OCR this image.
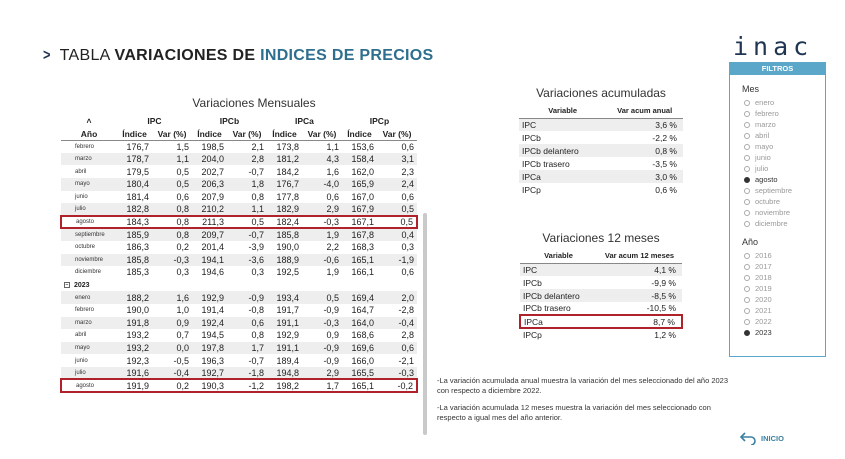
> TABLA VARIACIONES DE INDICES DE PRECIOS
Variaciones Mensuales
˄	IPC		IPCb		IPCa		IPCp	
Año	Índice	Var (%)	Índice	Var (%)	Índice	Var (%)	Índice	Var (%)
febrero	176,7	1,5	198,5	2,1	173,8	1,1	153,6	0,6
marzo	178,7	1,1	204,0	2,8	181,2	4,3	158,4	3,1
abril	179,5	0,5	202,7	-0,7	184,2	1,6	162,0	2,3
mayo	180,4	0,5	206,3	1,8	176,7	-4,0	165,9	2,4
junio	181,4	0,6	207,9	0,8	177,8	0,6	167,0	0,6
julio	182,8	0,8	210,2	1,1	182,9	2,9	167,9	0,5
agosto	184,3	0,8	211,3	0,5	182,4	-0,3	167,1	0,5
septiembre	185,9	0,8	209,7	-0,7	185,8	1,9	167,8	0,4
octubre	186,3	0,2	201,4	-3,9	190,0	2,2	168,3	0,3
noviembre	185,8	-0,3	194,1	-3,6	188,9	-0,6	165,1	-1,9
diciembre	185,3	0,3	194,6	0,3	192,5	1,9	166,1	0,6
− 2023								
enero	188,2	1,6	192,9	-0,9	193,4	0,5	169,4	2,0
febrero	190,0	1,0	191,4	-0,8	191,7	-0,9	164,7	-2,8
marzo	191,8	0,9	192,4	0,6	191,1	-0,3	164,0	-0,4
abril	193,2	0,7	194,5	0,8	192,9	0,9	168,6	2,8
mayo	193,2	0,0	197,8	1,7	191,1	-0,9	169,6	0,6
junio	192,3	-0,5	196,3	-0,7	189,4	-0,9	166,0	-2,1
julio	191,6	-0,4	192,7	-1,8	194,8	2,9	165,5	-0,3
agosto	191,9	0,2	190,3	-1,2	198,2	1,7	165,1	-0,2
Variaciones acumuladas
Variable	Var acum anual
IPC	3,6 %
IPCb	-2,2 %
IPCb delantero	0,8 %
IPCb trasero	-3,5 %
IPCa	3,0 %
IPCp	0,6 %
Variaciones 12 meses
Variable	Var acum 12 meses
IPC	4,1 %
IPCb	-9,9 %
IPCb delantero	-8,5 %
IPCb trasero	-10,5 %
IPCa	8,7 %
IPCp	1,2 %

-La variación acumulada anual muestra la variación del mes seleccionado del año 2023 con respecto a diciembre 2022.

-La variación acumulada 12 meses muestra la variación del mes seleccionado con respecto a igual mes del año anterior.

inac
FILTROS
Mes
enero
febrero
marzo
abril
mayo
junio
julio
agosto
septiembre
octubre
noviembre
diciembre
Año
2016
2017
2018
2019
2020
2021
2022
2023
INICIO
